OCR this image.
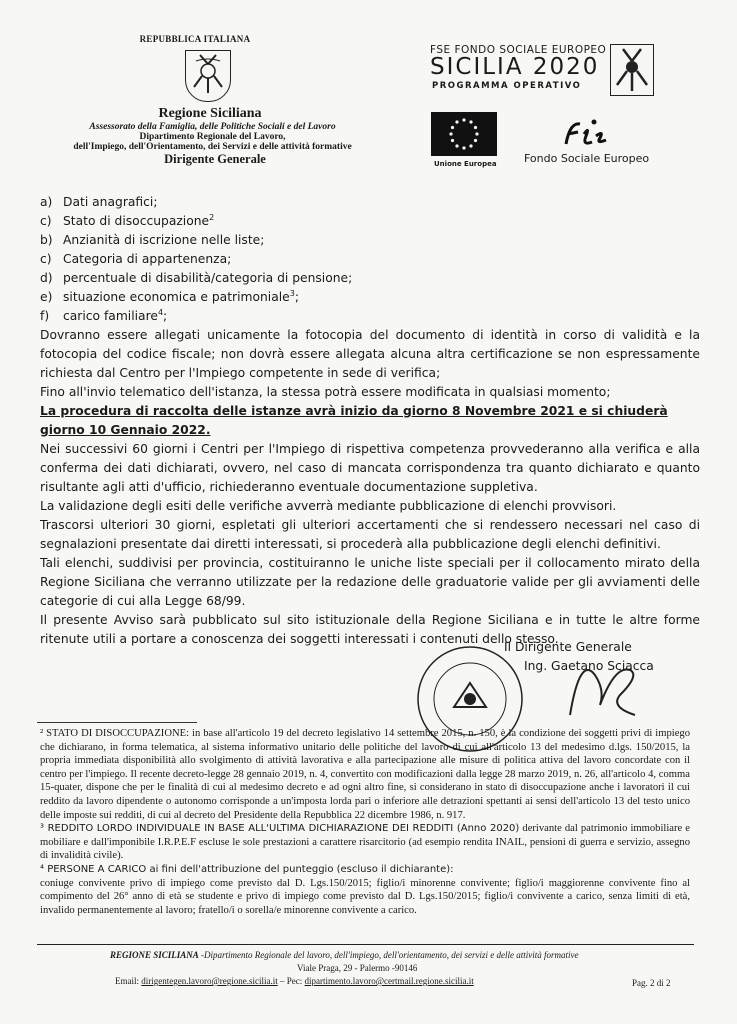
REPUBBLICA ITALIANA
Regione Siciliana
Assessorato della Famiglia, delle Politiche Sociali e del Lavoro
Dipartimento Regionale del Lavoro,
dell'Impiego, dell'Orientamento, dei Servizi e delle attività formative
Dirigente Generale
FSE FONDO SOCIALE EUROPEO
SICILIA 2020
PROGRAMMA OPERATIVO
Unione Europea Fondo Sociale Europeo
a) Dati anagrafici;
c) Stato di disoccupazione$^2$
b) Anzianità di iscrizione nelle liste;
c) Categoria di appartenenza;
d) percentuale di disabilità/categoria di pensione;
e) situazione economica e patrimoniale$^3$;
f)	carico familiare$^4$;

Dovranno essere allegati unicamente la fotocopia del documento di identità in corso di validità e la fotocopia del codice fiscale; non dovrà essere allegata alcuna altra certificazione se non espressamente richiesta dal Centro per l'Impiego competente in sede di verifica;

Fino all'invio telematico dell'istanza, la stessa potrà essere modificata in qualsiasi momento;

La procedura di raccolta delle istanze avrà inizio da giorno 8 Novembre 2021 e si chiuderà giorno 10 Gennaio 2022.

Nei successivi 60 giorni i Centri per l'Impiego di rispettiva competenza provvederanno alla verifica e alla conferma dei dati dichiarati, ovvero, nel caso di mancata corrispondenza tra quanto dichiarato e quanto risultante agli atti d'ufficio, richiederanno eventuale documentazione suppletiva.

La validazione degli esiti delle verifiche avverrà mediante pubblicazione di elenchi provvisori.

Trascorsi ulteriori 30 giorni, espletati gli ulteriori accertamenti che si rendessero necessari nel caso di segnalazioni presentate dai diretti interessati, si procederà alla pubblicazione degli elenchi definitivi.

Tali elenchi, suddivisi per provincia, costituiranno le uniche liste speciali per il collocamento mirato della Regione Siciliana che verranno utilizzate per la redazione delle graduatorie valide per gli avviamenti delle categorie di cui alla Legge 68/99.

Il presente Avviso sarà pubblicato sul sito istituzionale della Regione Siciliana e in tutte le altre forme ritenute utili a portare a conoscenza dei soggetti interessati i contenuti dello stesso.

Il Dirigente Generale
Ing. Gaetano Sciacca

² STATO DI DISOCCUPAZIONE: in base all'articolo 19 del decreto legislativo 14 settembre 2015, n. 150, è la condizione dei soggetti privi di impiego che dichiarano, in forma telematica, al sistema informativo unitario delle politiche del lavoro di cui all'articolo 13 del medesimo d.lgs. 150/2015, la propria immediata disponibilità allo svolgimento di attività lavorativa e alla partecipazione alle misure di politica attiva del lavoro concordate con il centro per l'impiego. Il recente decreto-legge 28 gennaio 2019, n. 4, convertito con modificazioni dalla legge 28 marzo 2019, n. 26, all'articolo 4, comma 15-quater, dispone che per le finalità di cui al medesimo decreto e ad ogni altro fine, si considerano in stato di disoccupazione anche i lavoratori il cui reddito da lavoro dipendente o autonomo corrisponde a un'imposta lorda pari o inferiore alle detrazioni spettanti ai sensi dell'articolo 13 del testo unico delle imposte sui redditi, di cui al decreto del Presidente della Repubblica 22 dicembre 1986, n. 917.

³ REDDITO LORDO INDIVIDUALE IN BASE ALL'ULTIMA DICHIARAZIONE DEI REDDITI (Anno 2020) derivante dal patrimonio immobiliare e mobiliare e dall'imponibile I.R.P.E.F escluse le sole prestazioni a carattere risarcitorio (ad esempio rendita INAIL, pensioni di guerra e servizio, assegno di invalidità civile).

⁴ PERSONE A CARICO ai fini dell'attribuzione del punteggio (escluso il dichiarante):

coniuge convivente privo di impiego come previsto dal D. Lgs.150/2015; figlio/i minorenne convivente; figlio/i maggiorenne convivente fino al compimento del 26° anno di età se studente e privo di impiego come previsto dal D. Lgs.150/2015; figlio/i convivente a carico, senza limiti di età, invalido permanentemente al lavoro; fratello/i o sorella/e minorenne convivente a carico.

REGIONE SICILIANA -Dipartimento Regionale del lavoro, dell'impiego, dell'orientamento, dei servizi e delle attività formative
Viale Praga, 29 - Palermo -90146
Email: dirigentegen.lavoro@regione.sicilia.it – Pec: dipartimento.lavoro@certmail.regione.sicilia.it	Pag. 2 di 2
